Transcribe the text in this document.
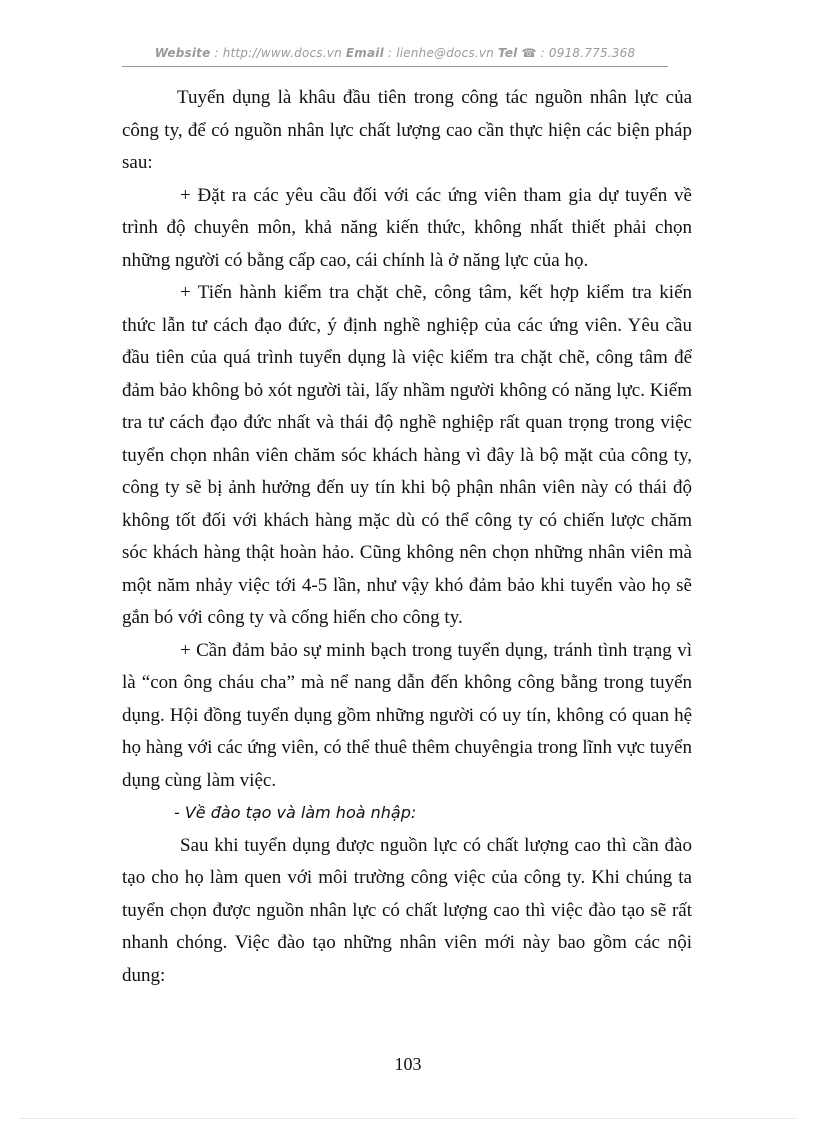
Website : http://www.docs.vn Email : lienhe@docs.vn Tel ☎ : 0918.775.368

Tuyển dụng là khâu đầu tiên trong công tác nguồn nhân lực của công ty, để có nguồn nhân lực chất lượng cao cần thực hiện các biện pháp sau:

+ Đặt ra các yêu cầu đối với các ứng viên tham gia dự tuyển về trình độ chuyên môn, khả năng kiến thức, không nhất thiết phải chọn những người có bằng cấp cao, cái chính là ở năng lực của họ.

+ Tiến hành kiểm tra chặt chẽ, công tâm, kết hợp kiểm tra kiến thức lẫn tư cách đạo đức, ý định nghề nghiệp của các ứng viên. Yêu cầu đầu tiên của quá trình tuyển dụng là việc kiểm tra chặt chẽ, công tâm để đảm bảo không bỏ xót người tài, lấy nhầm người không có năng lực. Kiểm tra tư cách đạo đức nhất và thái độ nghề nghiệp rất quan trọng trong việc tuyển chọn nhân viên chăm sóc khách hàng vì đây là bộ mặt của công ty, công ty sẽ bị ảnh hưởng đến uy tín khi bộ phận nhân viên này có thái độ không tốt đối với khách hàng mặc dù có thể công ty có chiến lược chăm sóc khách hàng thật hoàn hảo. Cũng không nên chọn những nhân viên mà một năm nhảy việc tới 4-5 lần, như vậy khó đảm bảo khi tuyển vào họ sẽ gắn bó với công ty và cống hiến cho công ty.

+ Cần đảm bảo sự minh bạch trong tuyển dụng, tránh tình trạng vì là “con ông cháu cha” mà nể nang dẫn đến không công bằng trong tuyển dụng. Hội đồng tuyển dụng gồm những người có uy tín, không có quan hệ họ hàng với các ứng viên, có thể thuê thêm chuyêngia trong lĩnh vực tuyển dụng cùng làm việc.

- Về đào tạo và làm hoà nhập:

Sau khi tuyển dụng được nguồn lực có chất lượng cao thì cần đào tạo cho họ làm quen với môi trường công việc của công ty. Khi chúng ta tuyển chọn được nguồn nhân lực có chất lượng cao thì việc đào tạo sẽ rất nhanh chóng. Việc đào tạo những nhân viên mới này bao gồm các nội dung:

103
